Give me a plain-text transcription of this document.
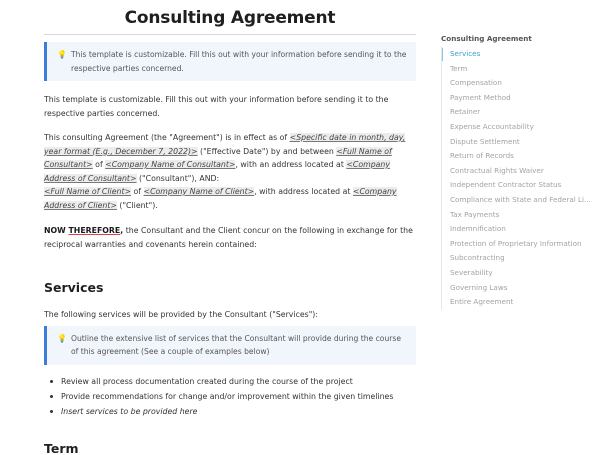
Consulting Agreement
💡 This template is customizable. Fill this out with your information before sending it to the respective parties concerned.

This template is customizable. Fill this out with your information before sending it to the respective parties concerned.

This consulting Agreement (the "Agreement") is in effect as of <Specific date in month, day, year format (E.g., December 7, 2022)> ("Effective Date") by and between <Full Name of Consultant> of <Company Name of Consultant>, with an address located at <Company Address of Consultant> ("Consultant"), AND:
<Full Name of Client> of <Company Name of Client>, with address located at <Company Address of Client> ("Client").

NOW THEREFORE, the Consultant and the Client concur on the following in exchange for the reciprocal warranties and covenants herein contained:

Services

The following services will be provided by the Consultant ("Services"):

💡 Outline the extensive list of services that the Consultant will provide during the course of this agreement (See a couple of examples below)
Review all process documentation created during the course of the project
Provide recommendations for change and/or improvement within the given timelines
Insert services to be provided here
Term
Consulting Agreement
Services
Term
Compensation
Payment Method
Retainer
Expense Accountability
Dispute Settlement
Return of Records
Contractual Rights Waiver
Independent Contractor Status
Compliance with State and Federal Li...
Tax Payments
Indemnification
Protection of Proprietary Information
Subcontracting
Severability
Governing Laws
Entire Agreement
